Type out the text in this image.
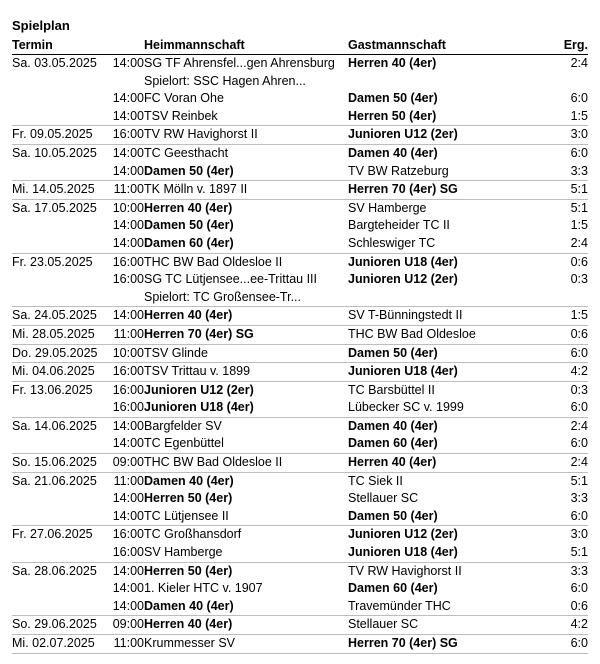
Spielplan
Termin	Heimmannschaft	Gastmannschaft	Erg.
Sa. 03.05.2025	14:00 SG TF Ahrensfel...gen Ahrensburg	Herren 40 (4er)	2:4
Spielort: SSC Hagen Ahren...
14:00 FC Voran Ohe	Damen 50 (4er)	6:0
14:00 TSV Reinbek	Herren 50 (4er)	1:5
Fr. 09.05.2025	16:00 TV RW Havighorst II	Junioren U12 (2er)	3:0
Sa. 10.05.2025	14:00 TC Geesthacht	Damen 40 (4er)	6:0
14:00 Damen 50 (4er)	TV BW Ratzeburg	3:3
Mi. 14.05.2025	11:00 TK Mölln v. 1897 II	Herren 70 (4er) SG	5:1
Sa. 17.05.2025	10:00 Herren 40 (4er)	SV Hamberge	5:1
14:00 Damen 50 (4er)	Bargteheider TC II	1:5
14:00 Damen 60 (4er)	Schleswiger TC	2:4
Fr. 23.05.2025	16:00 THC BW Bad Oldesloe II	Junioren U18 (4er)	0:6
16:00 SG TC Lütjensee...ee-Trittau III	Junioren U12 (2er)	0:3
Spielort: TC Großensee-Tr...
Sa. 24.05.2025	14:00 Herren 40 (4er)	SV T-Bünningstedt II	1:5
Mi. 28.05.2025	11:00 Herren 70 (4er) SG	THC BW Bad Oldesloe	0:6
Do. 29.05.2025	10:00 TSV Glinde	Damen 50 (4er)	6:0
Mi. 04.06.2025	16:00 TSV Trittau v. 1899	Junioren U18 (4er)	4:2
Fr. 13.06.2025	16:00 Junioren U12 (2er)	TC Barsbüttel II	0:3
16:00 Junioren U18 (4er)	Lübecker SC v. 1999	6:0
Sa. 14.06.2025	14:00 Bargfelder SV	Damen 40 (4er)	2:4
14:00 TC Egenbüttel	Damen 60 (4er)	6:0
So. 15.06.2025	09:00 THC BW Bad Oldesloe II	Herren 40 (4er)	2:4
Sa. 21.06.2025	11:00 Damen 40 (4er)	TC Siek II	5:1
14:00 Herren 50 (4er)	Stellauer SC	3:3
14:00 TC Lütjensee II	Damen 50 (4er)	6:0
Fr. 27.06.2025	16:00 TC Großhansdorf	Junioren U12 (2er)	3:0
16:00 SV Hamberge	Junioren U18 (4er)	5:1
Sa. 28.06.2025	14:00 Herren 50 (4er)	TV RW Havighorst II	3:3
14:00 1. Kieler HTC v. 1907	Damen 60 (4er)	6:0
14:00 Damen 40 (4er)	Travemünder THC	0:6
So. 29.06.2025	09:00 Herren 40 (4er)	Stellauer SC	4:2
Mi. 02.07.2025	11:00 Krummesser SV	Herren 70 (4er) SG	6:0
